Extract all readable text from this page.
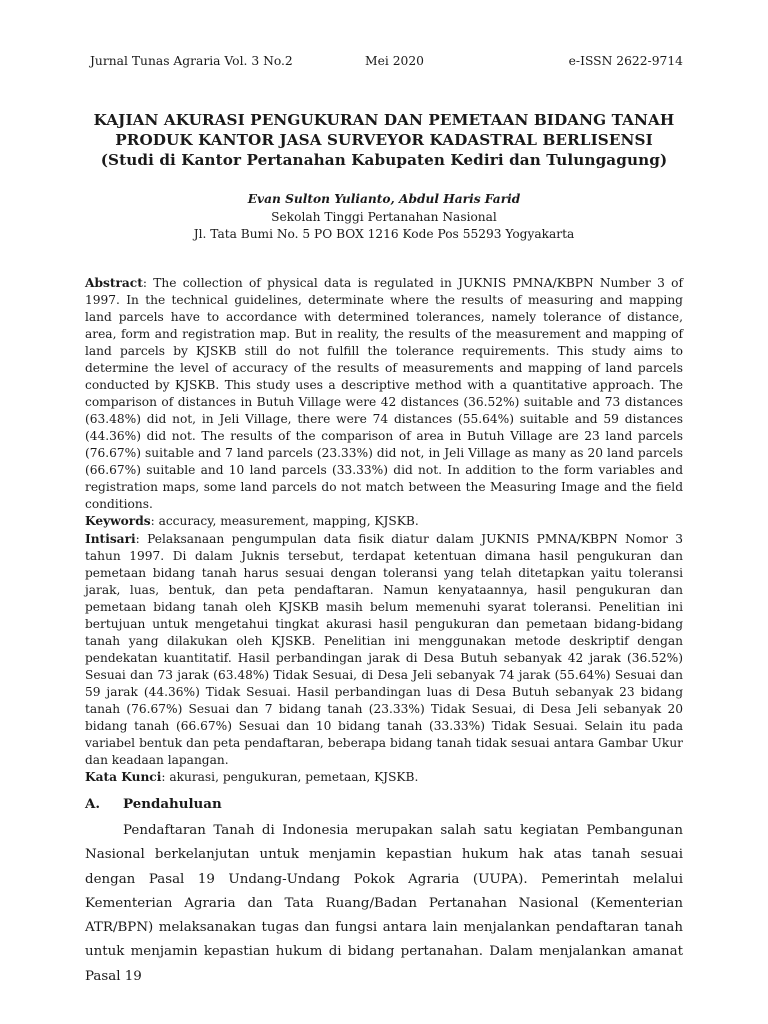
Jurnal Tunas Agraria Vol. 3 No.2	Mei 2020	e-ISSN 2622-9714
KAJIAN AKURASI PENGUKURAN DAN PEMETAAN BIDANG TANAH
PRODUK KANTOR JASA SURVEYOR KADASTRAL BERLISENSI
(Studi di Kantor Pertanahan Kabupaten Kediri dan Tulungagung)
Evan Sulton Yulianto, Abdul Haris Farid
Sekolah Tinggi Pertanahan Nasional
Jl. Tata Bumi No. 5 PO BOX 1216 Kode Pos 55293 Yogyakarta
Abstract: The collection of physical data is regulated in JUKNIS PMNA/KBPN Number 3 of 1997. In the technical guidelines, determinate where the results of measuring and mapping land parcels have to accordance with determined tolerances, namely tolerance of distance, area, form and registration map. But in reality, the results of the measurement and mapping of land parcels by KJSKB still do not fulfill the tolerance requirements. This study aims to determine the level of accuracy of the results of measurements and mapping of land parcels conducted by KJSKB. This study uses a descriptive method with a quantitative approach. The comparison of distances in Butuh Village were 42 distances (36.52%) suitable and 73 distances (63.48%) did not, in Jeli Village, there were 74 distances (55.64%) suitable and 59 distances (44.36%) did not. The results of the comparison of area in Butuh Village are 23 land parcels (76.67%) suitable and 7 land parcels (23.33%) did not, in Jeli Village as many as 20 land parcels (66.67%) suitable and 10 land parcels (33.33%) did not. In addition to the form variables and registration maps, some land parcels do not match between the Measuring Image and the field conditions.
Keywords: accuracy, measurement, mapping, KJSKB.
Intisari: Pelaksanaan pengumpulan data fisik diatur dalam JUKNIS PMNA/KBPN Nomor 3 tahun 1997. Di dalam Juknis tersebut, terdapat ketentuan dimana hasil pengukuran dan pemetaan bidang tanah harus sesuai dengan toleransi yang telah ditetapkan yaitu toleransi jarak, luas, bentuk, dan peta pendaftaran. Namun kenyataannya, hasil pengukuran dan pemetaan bidang tanah oleh KJSKB masih belum memenuhi syarat toleransi. Penelitian ini bertujuan untuk mengetahui tingkat akurasi hasil pengukuran dan pemetaan bidang-bidang tanah yang dilakukan oleh KJSKB. Penelitian ini menggunakan metode deskriptif dengan pendekatan kuantitatif. Hasil perbandingan jarak di Desa Butuh sebanyak 42 jarak (36.52%) Sesuai dan 73 jarak (63.48%) Tidak Sesuai, di Desa Jeli sebanyak 74 jarak (55.64%) Sesuai dan 59 jarak (44.36%) Tidak Sesuai. Hasil perbandingan luas di Desa Butuh sebanyak 23 bidang tanah (76.67%) Sesuai dan 7 bidang tanah (23.33%) Tidak Sesuai, di Desa Jeli sebanyak 20 bidang tanah (66.67%) Sesuai dan 10 bidang tanah (33.33%) Tidak Sesuai. Selain itu pada variabel bentuk dan peta pendaftaran, beberapa bidang tanah tidak sesuai antara Gambar Ukur dan keadaan lapangan.
Kata Kunci: akurasi, pengukuran, pemetaan, KJSKB.
A. Pendahuluan
Pendaftaran Tanah di Indonesia merupakan salah satu kegiatan Pembangunan Nasional berkelanjutan untuk menjamin kepastian hukum hak atas tanah sesuai dengan Pasal 19 Undang-Undang Pokok Agraria (UUPA). Pemerintah melalui Kementerian Agraria dan Tata Ruang/Badan Pertanahan Nasional (Kementerian ATR/BPN) melaksanakan tugas dan fungsi antara lain menjalankan pendaftaran tanah untuk menjamin kepastian hukum di bidang pertanahan. Dalam menjalankan amanat Pasal 19
